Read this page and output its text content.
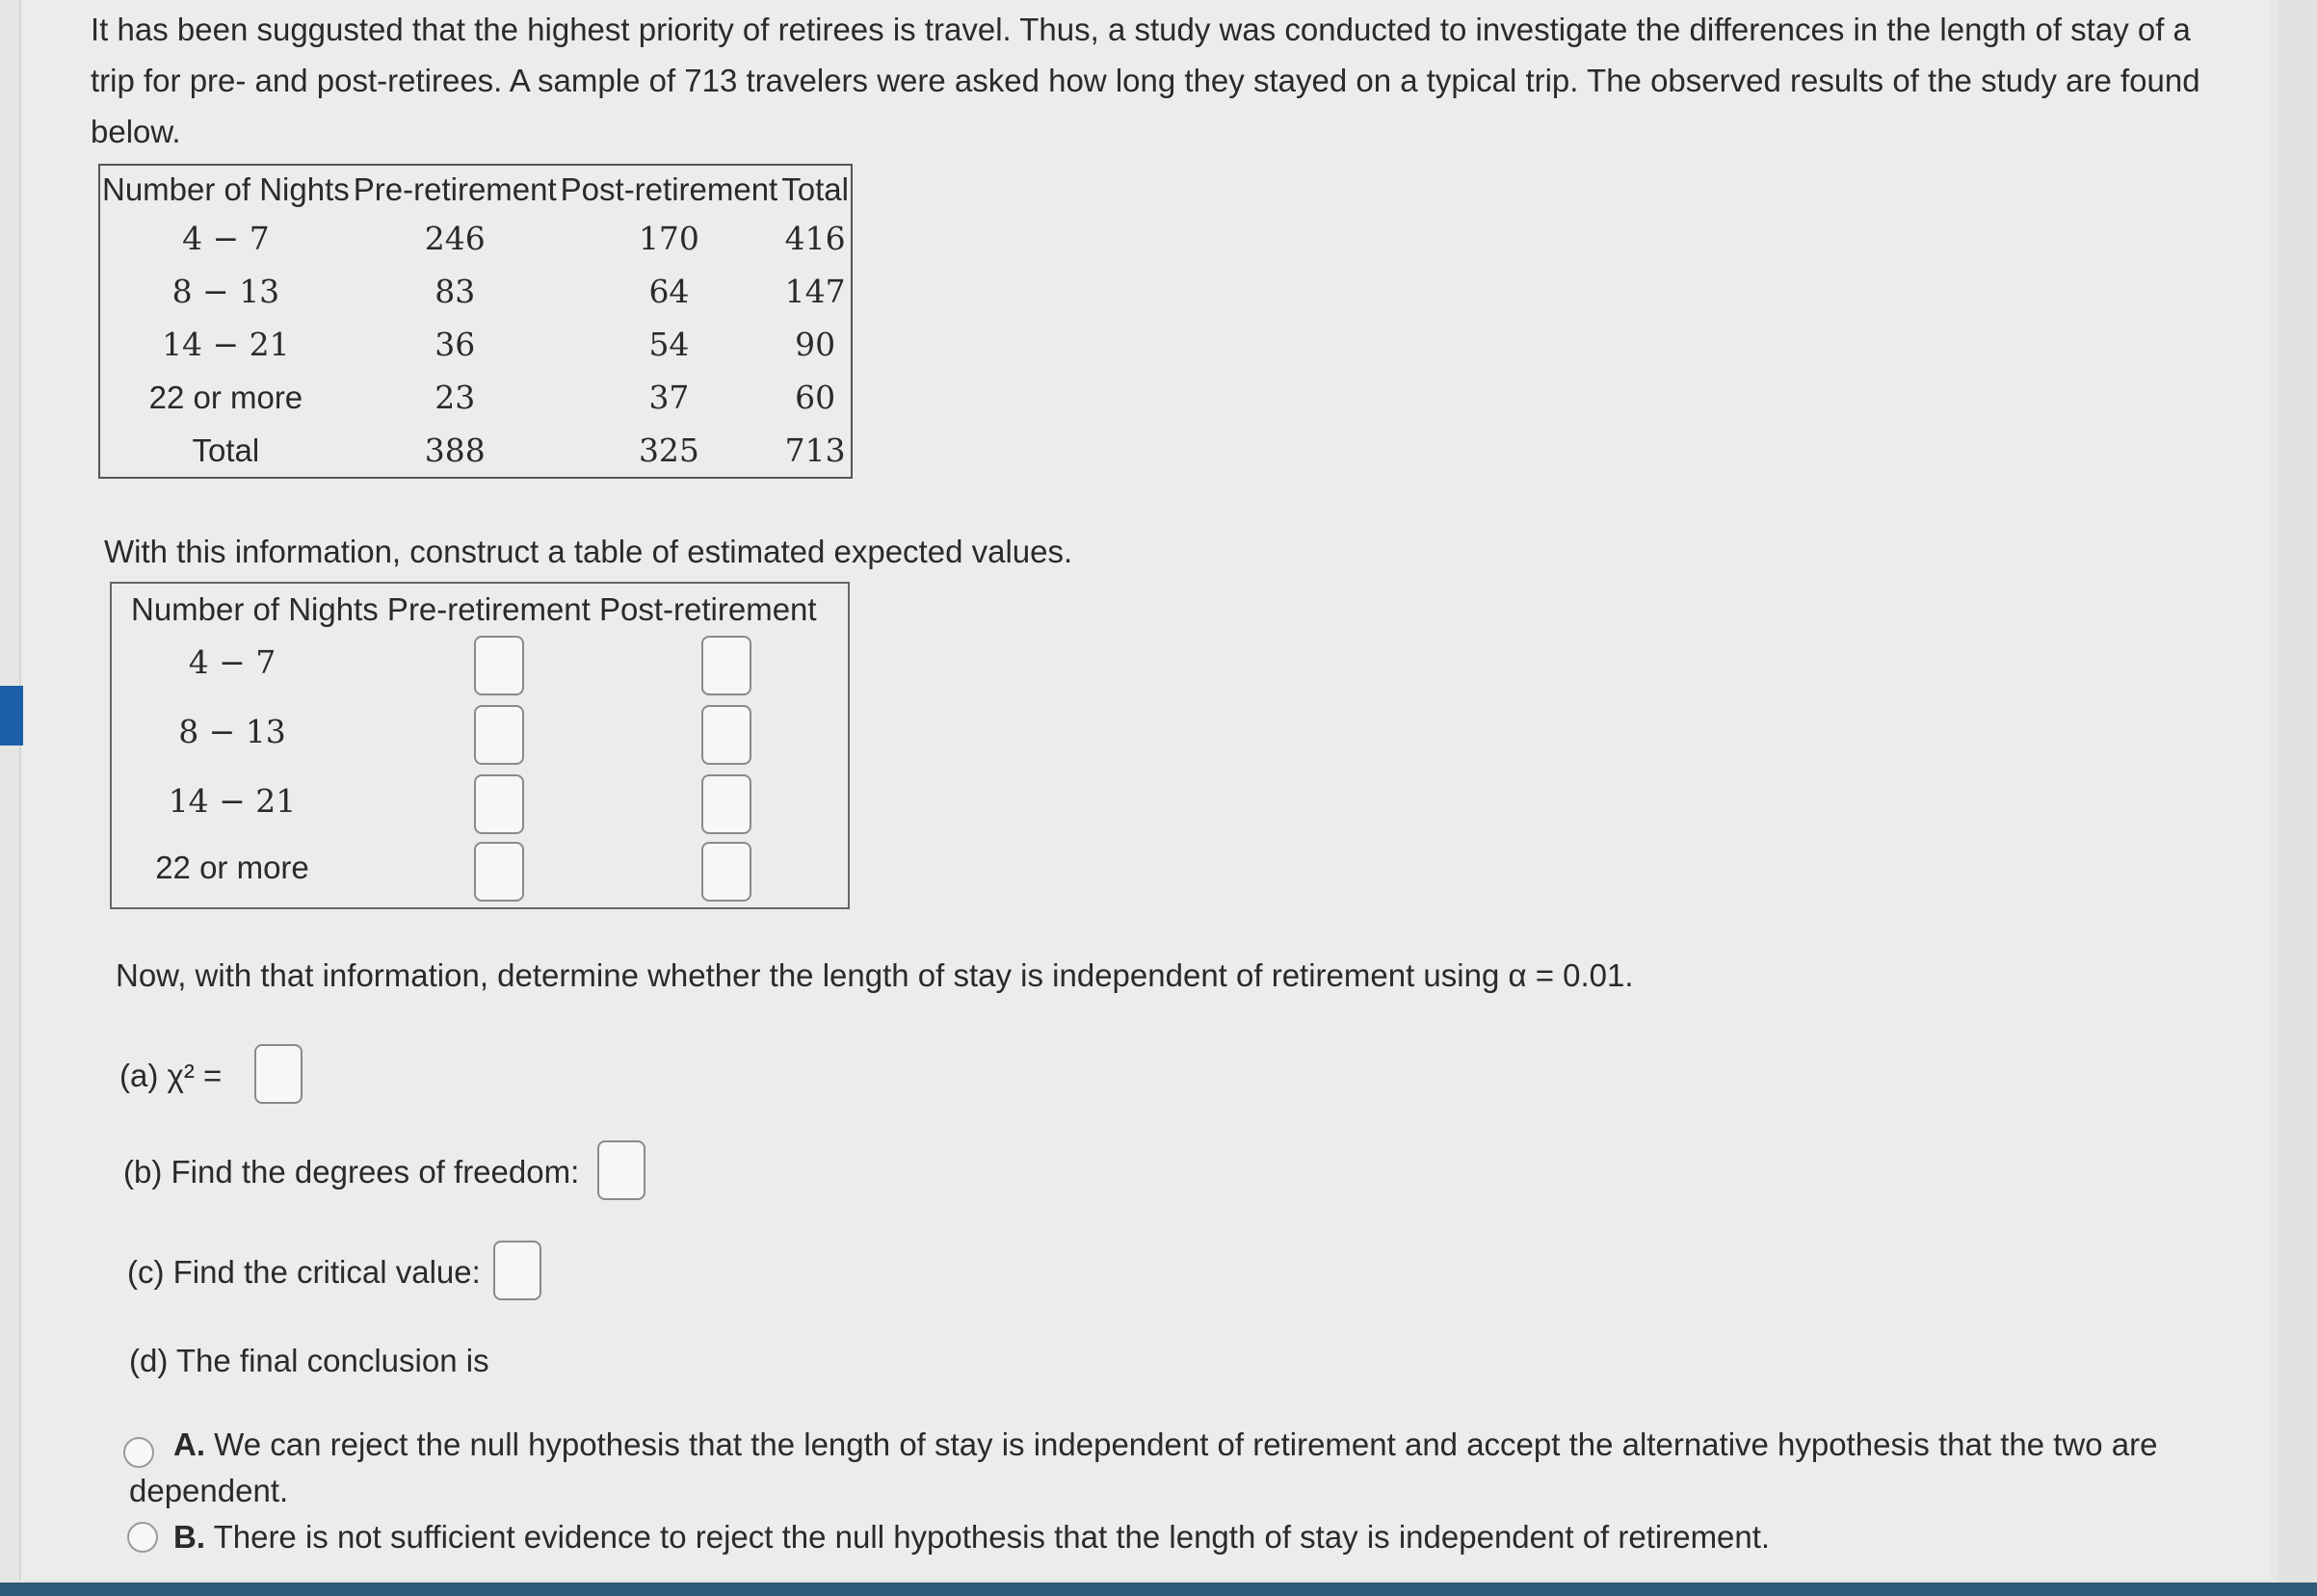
It has been suggusted that the highest priority of retirees is travel. Thus, a study was conducted to investigate the differences in the length of stay of a trip for pre- and post-retirees. A sample of 713 travelers were asked how long they stayed on a typical trip. The observed results of the study are found below.
Number of Nights	Pre-retirement	Post-retirement	Total
4 − 7	246	170	416
8 − 13	83	64	147
14 − 21	36	54	90
22 or more	23	37	60
Total	388	325	713
With this information, construct a table of estimated expected values.
Number of Nights Pre-retirement Post-retirement
4 − 7
8 − 13
14 − 21
22 or more
Now, with that information, determine whether the length of stay is independent of retirement using α = 0.01.
(a) χ² =
(b) Find the degrees of freedom:
(c) Find the critical value:
(d) The final conclusion is
A. We can reject the null hypothesis that the length of stay is independent of retirement and accept the alternative hypothesis that the two are dependent.
B. There is not sufficient evidence to reject the null hypothesis that the length of stay is independent of retirement.
